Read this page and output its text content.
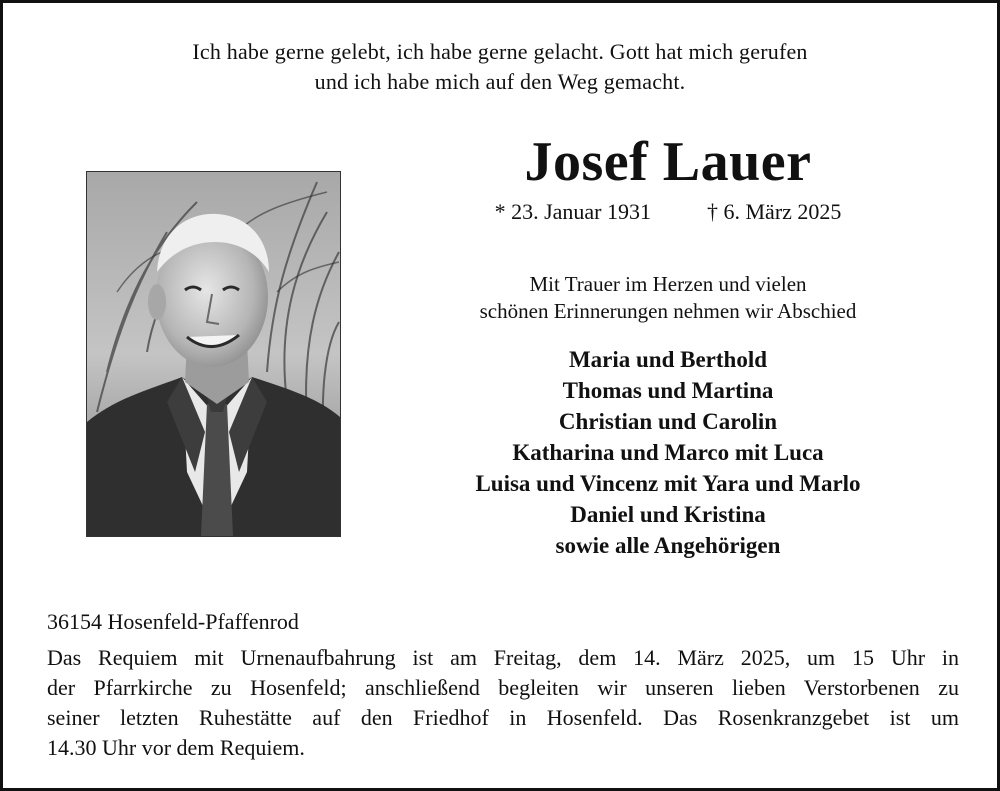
Ich habe gerne gelebt, ich habe gerne gelacht. Gott hat mich gerufen
und ich habe mich auf den Weg gemacht.
Josef Lauer
* 23. Januar 1931	† 6. März 2025
Mit Trauer im Herzen und vielen
schönen Erinnerungen nehmen wir Abschied
Maria und Berthold
Thomas und Martina
Christian und Carolin
Katharina und Marco mit Luca
Luisa und Vincenz mit Yara und Marlo
Daniel und Kristina
sowie alle Angehörigen
36154 Hosenfeld-Pfaffenrod
Das Requiem mit Urnenaufbahrung ist am Freitag, dem 14. März 2025, um 15 Uhr in
der Pfarrkirche zu Hosenfeld; anschließend begleiten wir unseren lieben Verstorbenen zu
seiner letzten Ruhestätte auf den Friedhof in Hosenfeld. Das Rosenkranzgebet ist um
14.30 Uhr vor dem Requiem.
